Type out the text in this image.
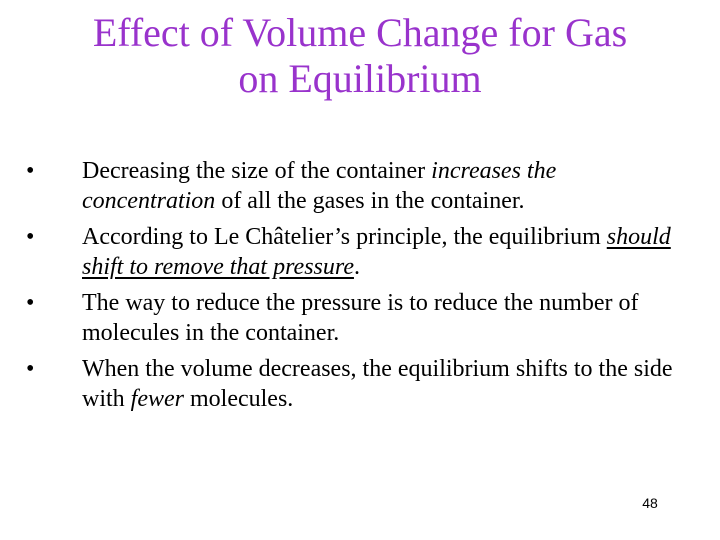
Effect of Volume Change for Gas
on Equilibrium
•	Decreasing the size of the container increases the concentration of all the gases in the container.
•	According to Le Châtelier’s principle, the equilibrium should shift to remove that pressure.
•	The way to reduce the pressure is to reduce the number of molecules in the container.
•	When the volume decreases, the equilibrium shifts to the side with fewer molecules.
48
